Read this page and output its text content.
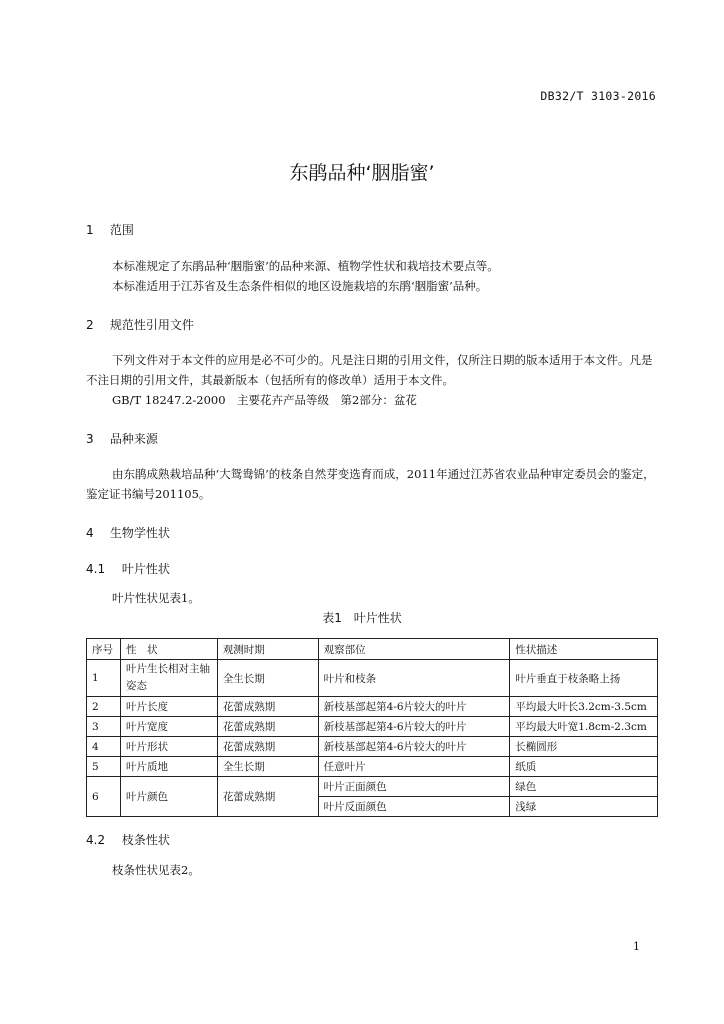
DB32/T 3103-2016
东鹃品种‘胭脂蜜’
1 范围
本标准规定了东鹃品种‘胭脂蜜’的品种来源、植物学性状和栽培技术要点等。
本标准适用于江苏省及生态条件相似的地区设施栽培的东鹃‘胭脂蜜’品种。
2 规范性引用文件
下列文件对于本文件的应用是必不可少的。凡是注日期的引用文件，仅所注日期的版本适用于本文件。凡是不注日期的引用文件，其最新版本（包括所有的修改单）适用于本文件。
GB/T 18247.2-2000　主要花卉产品等级　第2部分：盆花
3 品种来源
由东鹃成熟栽培品种‘大鸳鸯锦’的枝条自然芽变选育而成，2011年通过江苏省农业品种审定委员会的鉴定，鉴定证书编号201105。
4 生物学性状
4.1 叶片性状
叶片性状见表1。
表1 叶片性状
序号	性　状	观测时期	观察部位	性状描述
1	叶片生长相对主轴姿态	全生长期	叶片和枝条	叶片垂直于枝条略上扬
2	叶片长度	花蕾成熟期	新枝基部起第4-6片较大的叶片	平均最大叶长3.2cm-3.5cm
3	叶片宽度	花蕾成熟期	新枝基部起第4-6片较大的叶片	平均最大叶宽1.8cm-2.3cm
4	叶片形状	花蕾成熟期	新枝基部起第4-6片较大的叶片	长椭圆形
5	叶片质地	全生长期	任意叶片	纸质
6	叶片颜色	花蕾成熟期	叶片正面颜色	绿色
			叶片反面颜色	浅绿
4.2 枝条性状
枝条性状见表2。
1
